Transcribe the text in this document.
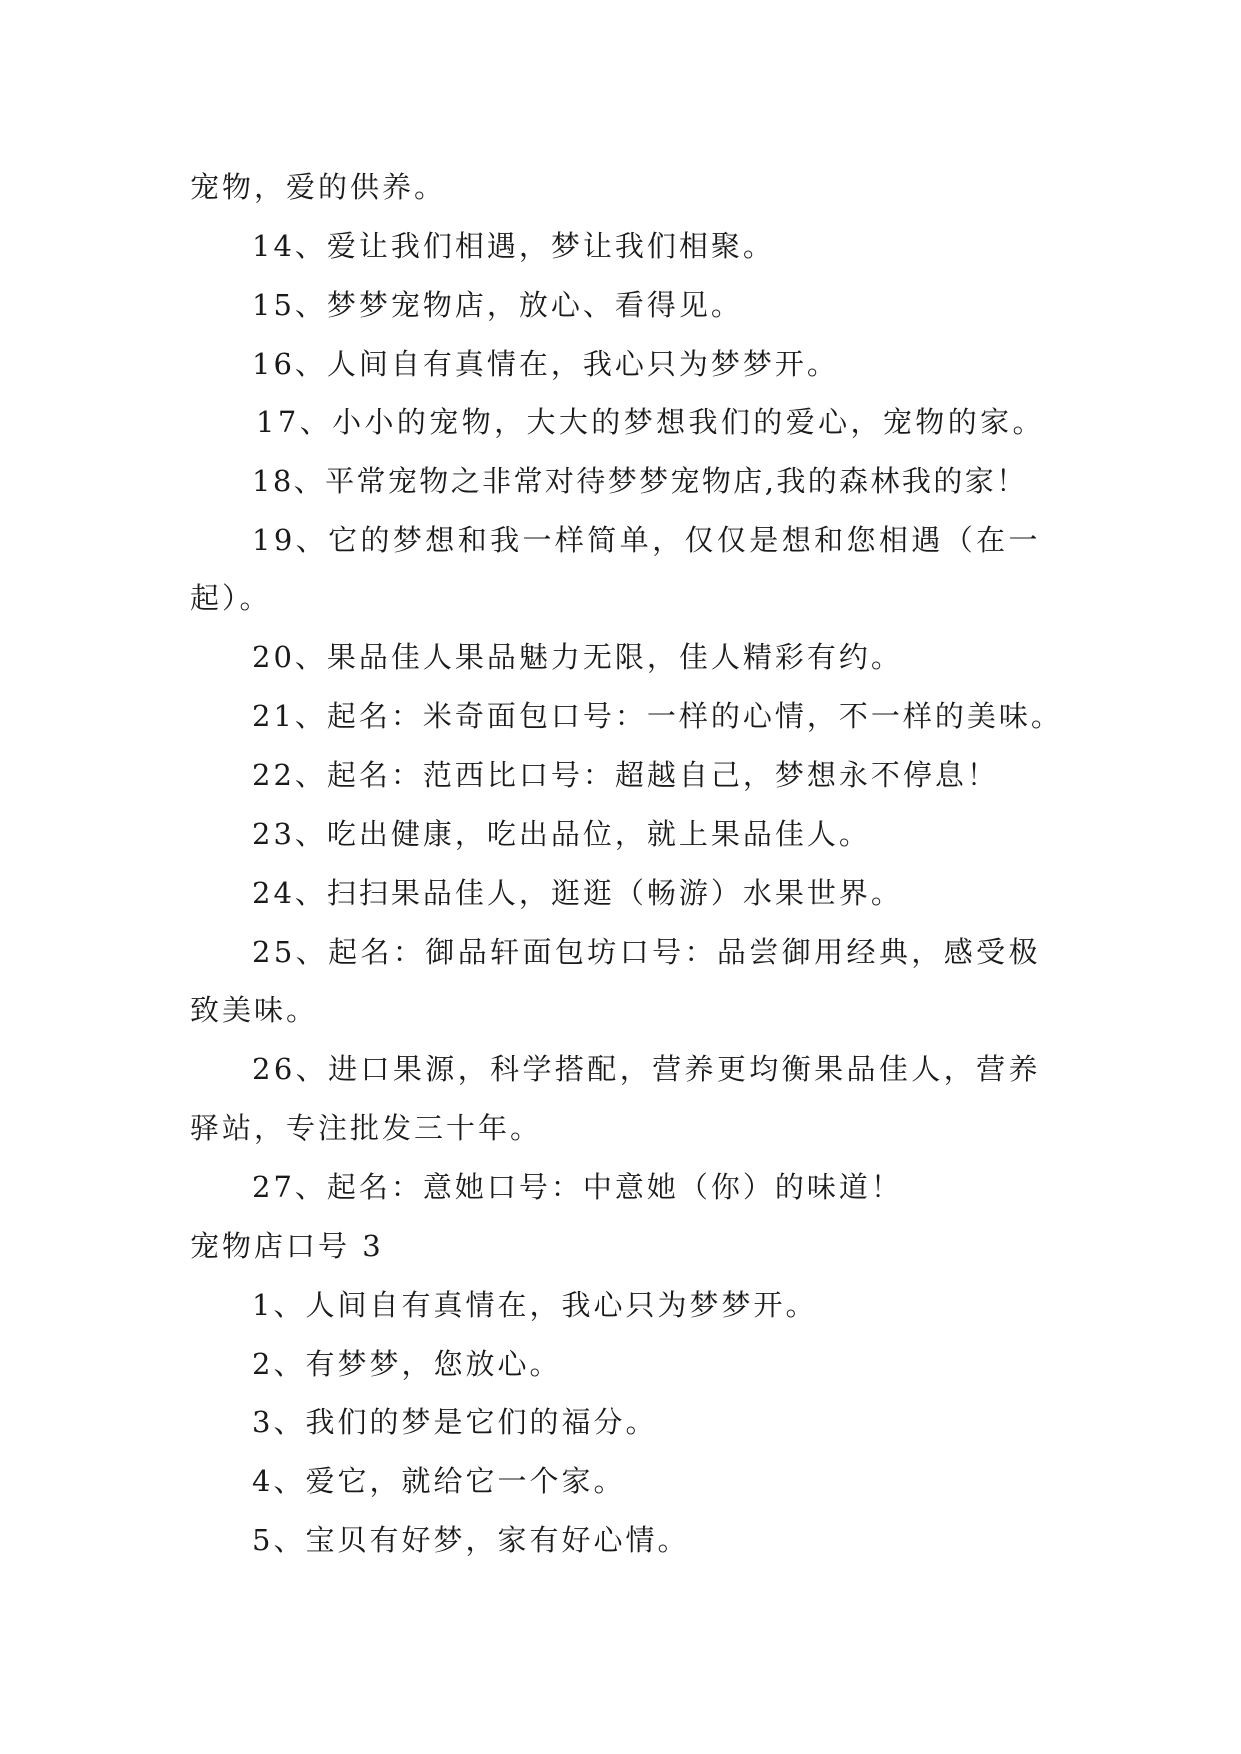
宠物，爱的供养。
14、爱让我们相遇，梦让我们相聚。
15、梦梦宠物店，放心、看得见。
16、人间自有真情在，我心只为梦梦开。
17、小小的宠物，大大的梦想我们的爱心，宠物的家。
18、平常宠物之非常对待梦梦宠物店,我的森林我的家！
19、它的梦想和我一样简单，仅仅是想和您相遇（在一
起）。
20、果品佳人果品魅力无限，佳人精彩有约。
21、起名：米奇面包口号：一样的心情，不一样的美味。
22、起名：范西比口号：超越自己，梦想永不停息！
23、吃出健康，吃出品位，就上果品佳人。
24、扫扫果品佳人，逛逛（畅游）水果世界。
25、起名：御品轩面包坊口号：品尝御用经典，感受极
致美味。
26、进口果源，科学搭配，营养更均衡果品佳人，营养
驿站，专注批发三十年。
27、起名：意她口号：中意她（你）的味道！
宠物店口号 3
1、人间自有真情在，我心只为梦梦开。
2、有梦梦，您放心。
3、我们的梦是它们的福分。
4、爱它，就给它一个家。
5、宝贝有好梦，家有好心情。
